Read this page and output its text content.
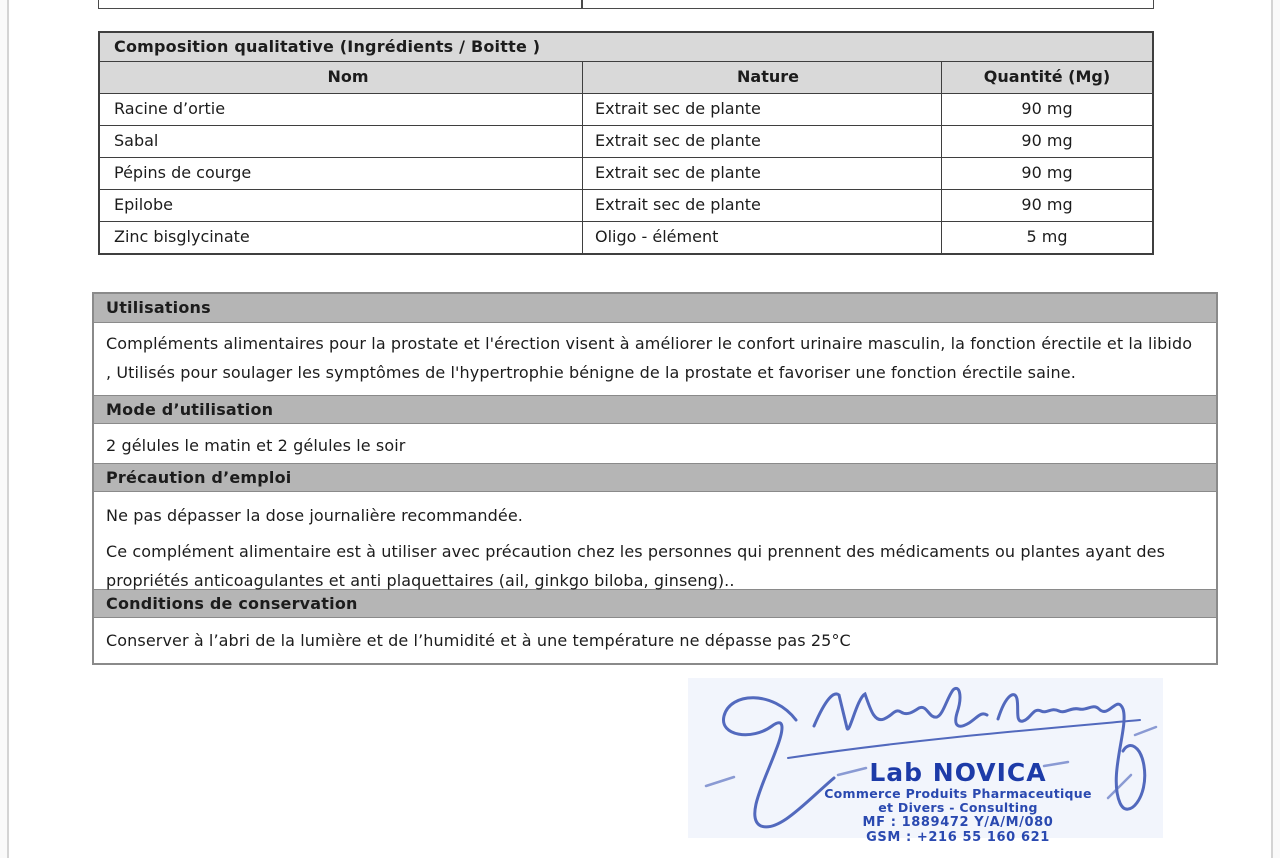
Composition qualitative (Ingrédients / Boitte )
Nom	Nature	Quantité (Mg)
Racine d’ortie	Extrait sec de plante	90 mg
Sabal	Extrait sec de plante	90 mg
Pépins de courge	Extrait sec de plante	90 mg
Epilobe	Extrait sec de plante	90 mg
Zinc bisglycinate	Oligo - élément	5 mg
Utilisations
Compléments alimentaires pour la prostate et l'érection visent à améliorer le confort urinaire masculin, la fonction érectile et la libido , Utilisés pour soulager les symptômes de l'hypertrophie bénigne de la prostate et favoriser une fonction érectile saine.
Mode d’utilisation
2 gélules le matin et 2 gélules le soir
Précaution d’emploi

Ne pas dépasser la dose journalière recommandée.

Ce complément alimentaire est à utiliser avec précaution chez les personnes qui prennent des médicaments ou plantes ayant des propriétés anticoagulantes et anti plaquettaires (ail, ginkgo biloba, ginseng)..

Conditions de conservation
Conserver à l’abri de la lumière et de l’humidité et à une température ne dépasse pas 25°C
Lab NOVICA
Commerce Produits Pharmaceutique
et Divers - Consulting
MF : 1889472 Y/A/M/080
GSM : +216 55 160 621
